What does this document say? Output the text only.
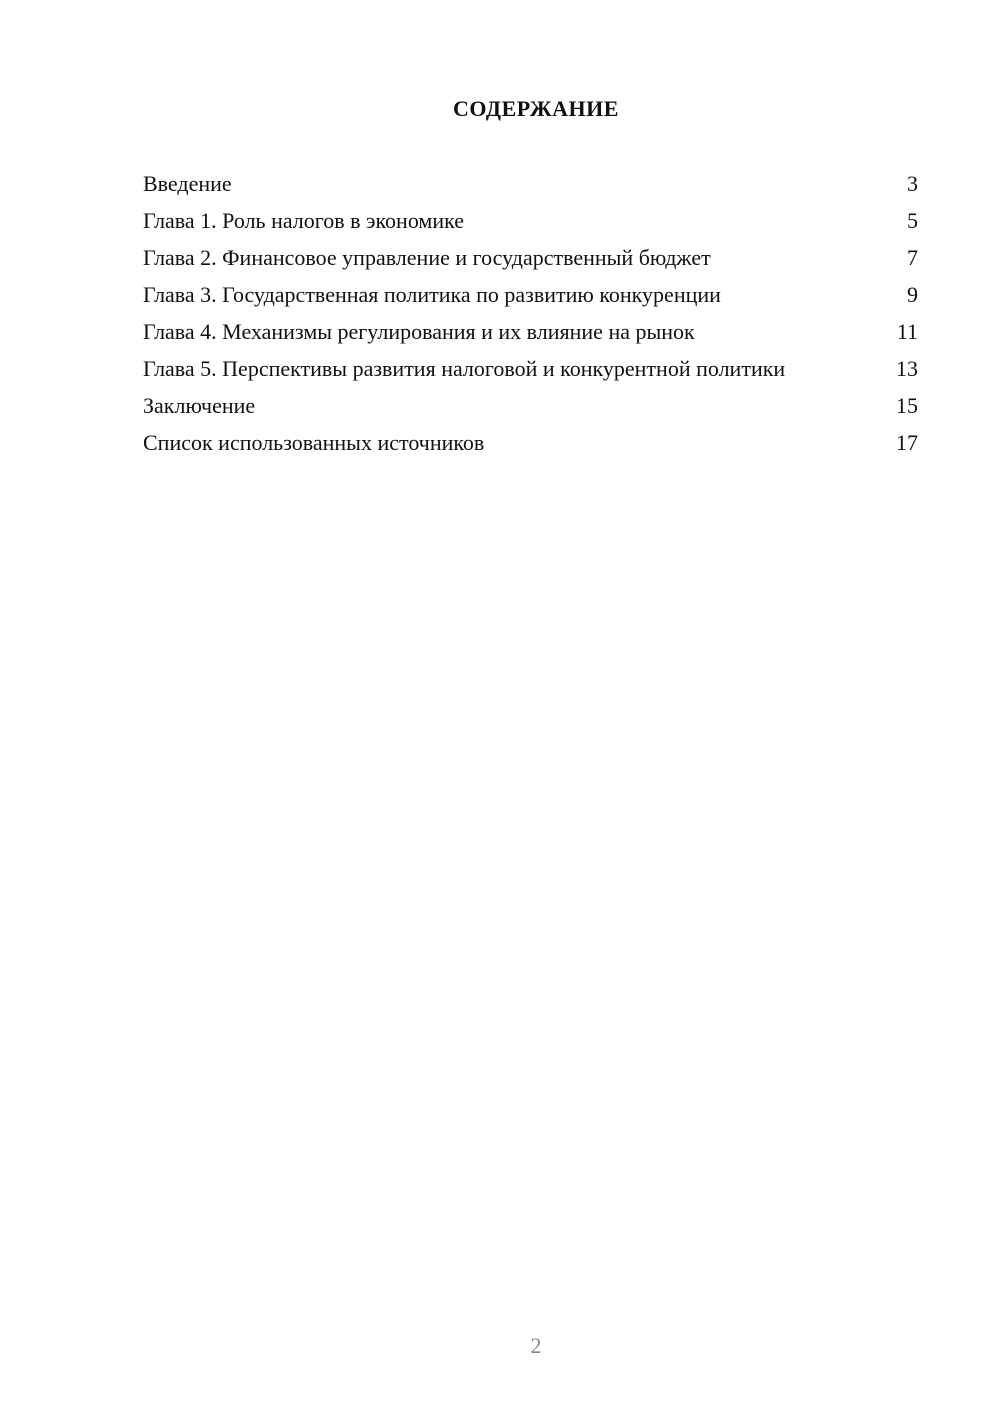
СОДЕРЖАНИЕ
Введение	3
Глава 1. Роль налогов в экономике	5
Глава 2. Финансовое управление и государственный бюджет	7
Глава 3. Государственная политика по развитию конкуренции	9
Глава 4. Механизмы регулирования и их влияние на рынок	11
Глава 5. Перспективы развития налоговой и конкурентной политики	13
Заключение	15
Список использованных источников	17
2
